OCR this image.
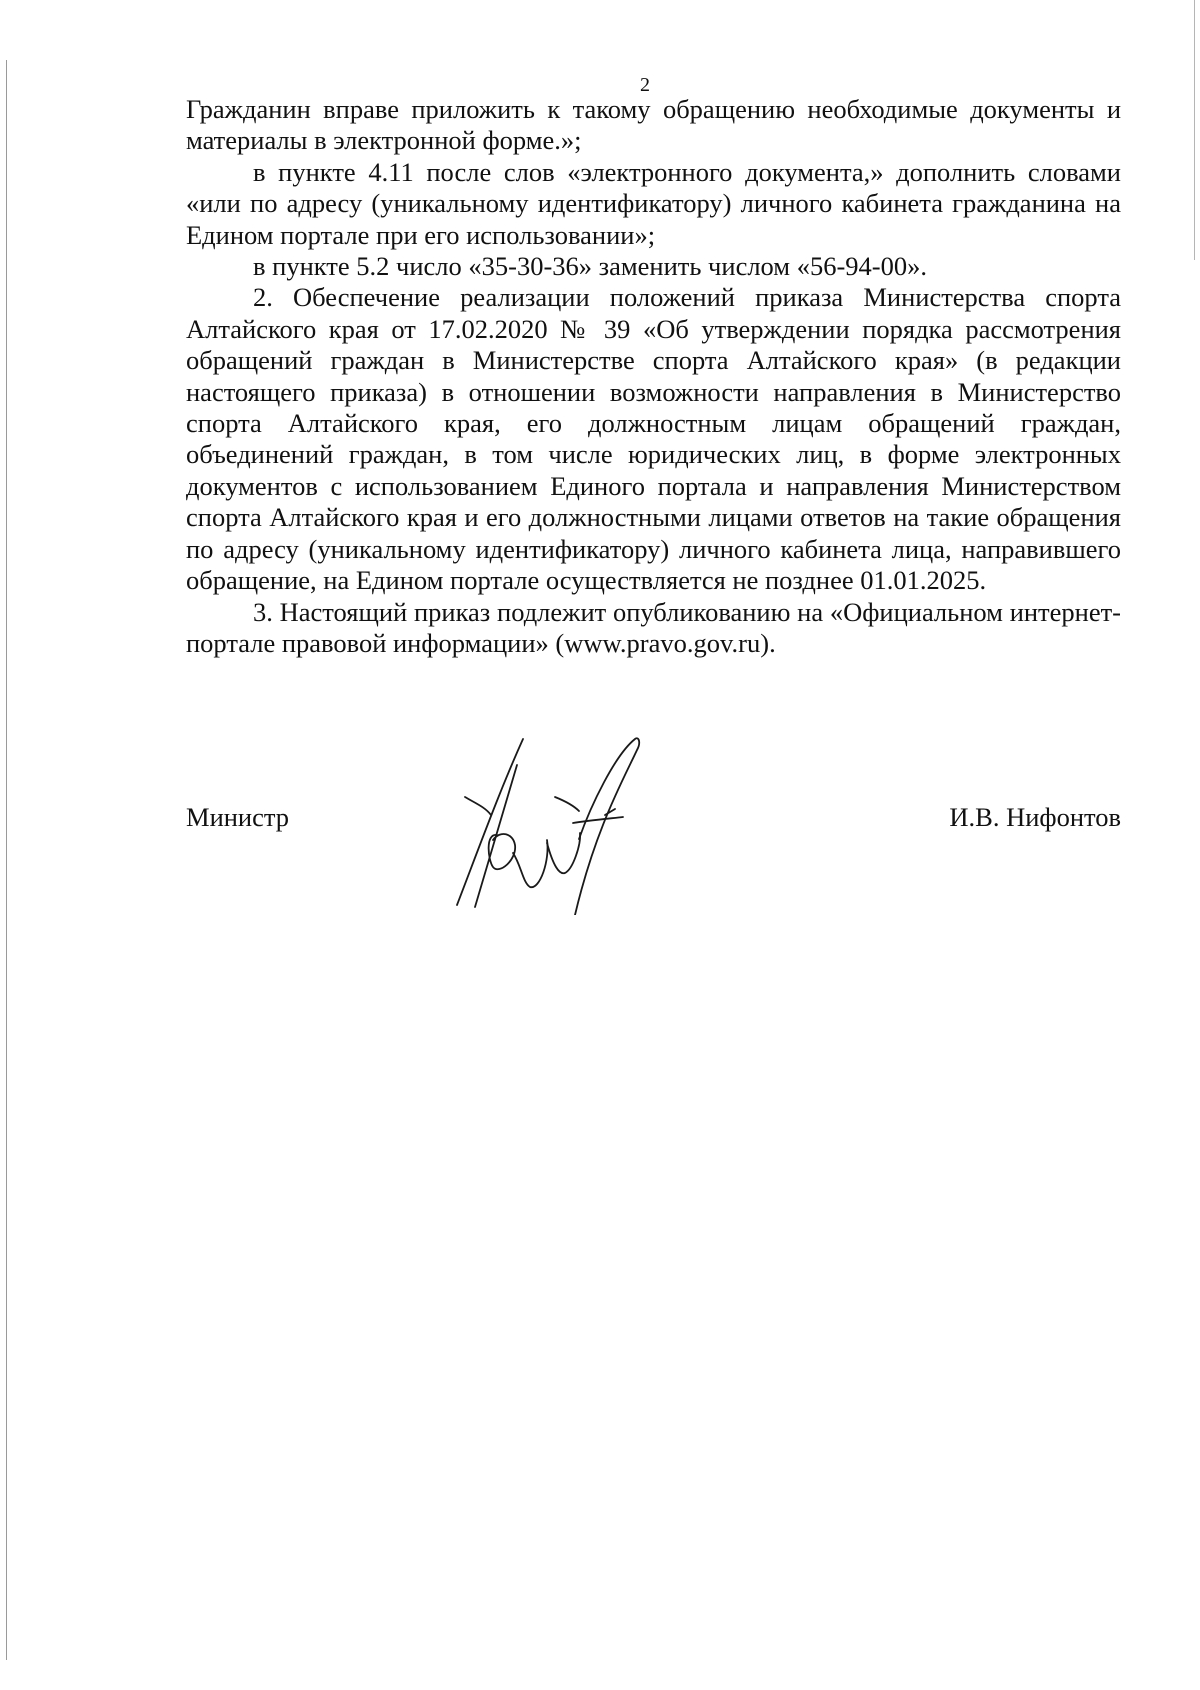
2

Гражданин вправе приложить к такому обращению необходимые документы и материалы в электронной форме.»;

в пункте 4.11 после слов «электронного документа,» дополнить словами «или по адресу (уникальному идентификатору) личного кабинета гражданина на Едином портале при его использовании»;

в пункте 5.2 число «35-30-36» заменить числом «56-94-00».

2. Обеспечение реализации положений приказа Министерства спорта Алтайского края от 17.02.2020 № 39 «Об утверждении порядка рассмотрения обращений граждан в Министерстве спорта Алтайского края» (в редакции настоящего приказа) в отношении возможности направления в Министерство спорта Алтайского края, его должностным лицам обращений граждан, объединений граждан, в том числе юридических лиц, в форме электронных документов с использованием Единого портала и направления Министерством спорта Алтайского края и его должностными лицами ответов на такие обращения по адресу (уникальному идентификатору) личного кабинета лица, направившего обращение, на Едином портале осуществляется не позднее 01.01.2025.

3. Настоящий приказ подлежит опубликованию на «Официальном интернет-портале правовой информации» (www.pravo.gov.ru).

Министр	И.В. Нифонтов
